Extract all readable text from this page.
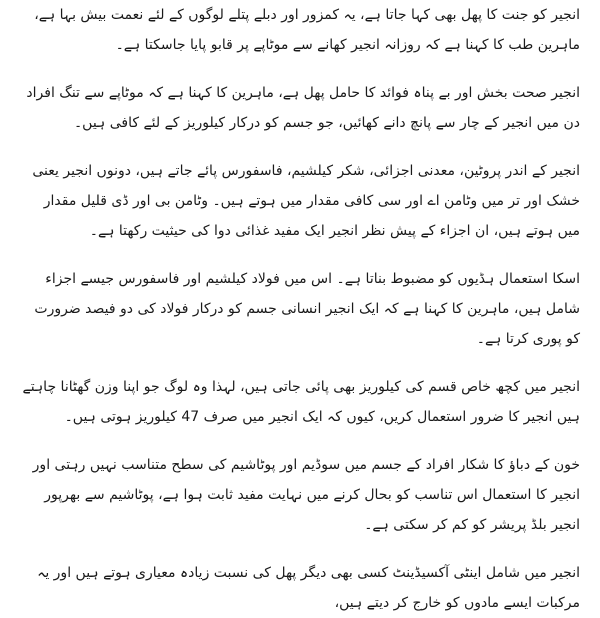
انجیر کو جنت کا پھل بھی کہا جاتا ہے، یہ کمزور اور دبلے پتلے لوگوں کے لئے نعمت بیش بہا ہے، ماہرین طب کا کہنا ہے کہ روزانہ انجیر کھانے سے موٹاپے پر قابو پایا جاسکتا ہے۔

انجیر صحت بخش اور بے پناہ فوائد کا حامل پھل ہے، ماہرین کا کہنا ہے کہ موٹاپے سے تنگ افراد دن میں انجیر کے چار سے پانچ دانے کھائیں، جو جسم کو درکار کیلوریز کے لئے کافی ہیں۔

انجیر کے اندر پروٹین، معدنی اجزائی، شکر کیلشیم، فاسفورس پائے جاتے ہیں، دونوں انجیر یعنی خشک اور تر میں وٹامن اے اور سی کافی مقدار میں ہوتے ہیں۔ وٹامن بی اور ڈی قلیل مقدار میں ہوتے ہیں، ان اجزاء کے پیش نظر انجیر ایک مفید غذائی دوا کی حیثیت رکھتا ہے۔

اسکا استعمال ہڈیوں کو مضبوط بناتا ہے۔ اس میں فولاد کیلشیم اور فاسفورس جیسے اجزاء شامل ہیں، ماہرین کا کہنا ہے کہ ایک انجیر انسانی جسم کو درکار فولاد کی دو فیصد ضرورت کو پوری کرتا ہے۔

انجیر میں کچھ خاص قسم کی کیلوریز بھی پائی جاتی ہیں، لہذا وہ لوگ جو اپنا وزن گھٹانا چاہتے ہیں انجیر کا ضرور استعمال کریں، کیوں کہ ایک انجیر میں صرف 47 کیلوریز ہوتی ہیں۔

خون کے دباؤ کا شکار افراد کے جسم میں سوڈیم اور پوٹاشیم کی سطح متناسب نہیں رہتی اور انجیر کا استعمال اس تناسب کو بحال کرنے میں نہایت مفید ثابت ہوا ہے، پوٹاشیم سے بھرپور انجیر بلڈ پریشر کو کم کر سکتی ہے۔

انجیر میں شامل اینٹی آکسیڈینٹ کسی بھی دیگر پھل کی نسبت زیادہ معیاری ہوتے ہیں اور یہ مرکبات ایسے مادوں کو خارج کر دیتے ہیں،
